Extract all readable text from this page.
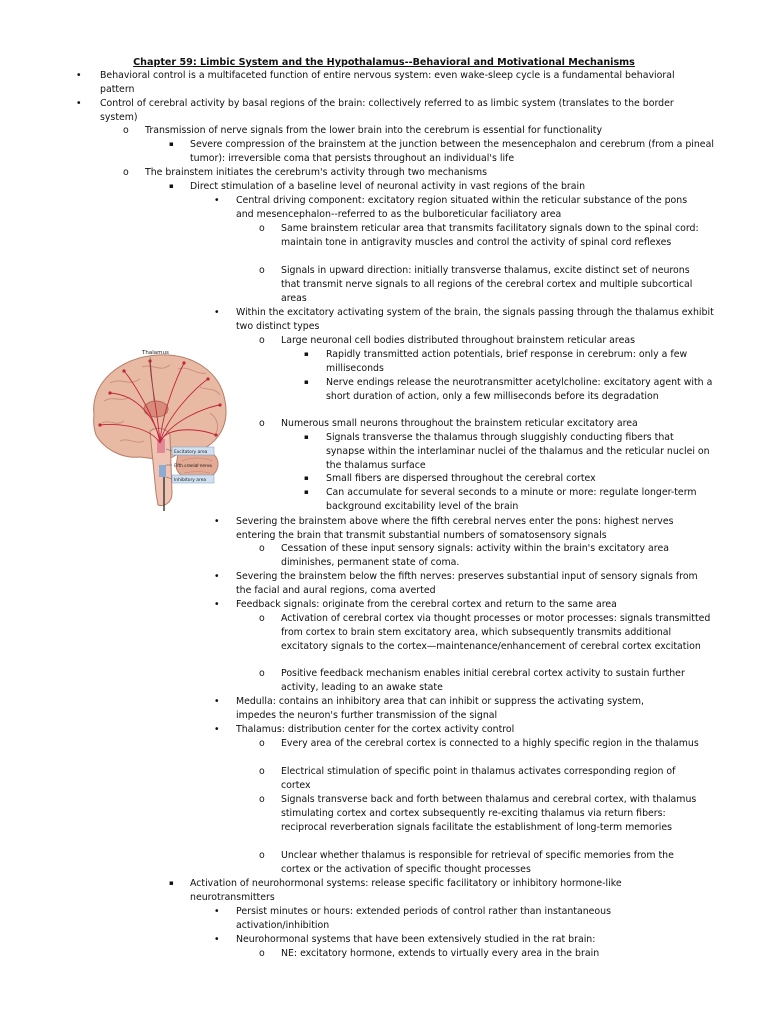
Chapter 59: Limbic System and the Hypothalamus--Behavioral and Motivational Mechanisms
Thalamus
Excitatory area
Fifth cranial nerve
Inhibitory area
• Behavioral control is a multifaceted function of entire nervous system: even wake-sleep cycle is a fundamental behavioral pattern
• Control of cerebral activity by basal regions of the brain: collectively referred to as limbic system (translates to the border system)
o Transmission of nerve signals from the lower brain into the cerebrum is essential for functionality
▪ Severe compression of the brainstem at the junction between the mesencephalon and cerebrum (from a pineal tumor): irreversible coma that persists throughout an individual's life
o The brainstem initiates the cerebrum's activity through two mechanisms
▪ Direct stimulation of a baseline level of neuronal activity in vast regions of the brain
• Central driving component: excitatory region situated within the reticular substance of the pons and mesencephalon--referred to as the bulboreticular faciliatory area
o Same brainstem reticular area that transmits facilitatory signals down to the spinal cord: maintain tone in antigravity muscles and control the activity of spinal cord reflexes
o Signals in upward direction: initially transverse thalamus, excite distinct set of neurons that transmit nerve signals to all regions of the cerebral cortex and multiple subcortical areas
• Within the excitatory activating system of the brain, the signals passing through the thalamus exhibit two distinct types
o Large neuronal cell bodies distributed throughout brainstem reticular areas
▪ Rapidly transmitted action potentials, brief response in cerebrum: only a few milliseconds
▪ Nerve endings release the neurotransmitter acetylcholine: excitatory agent with a short duration of action, only a few milliseconds before its degradation
o Numerous small neurons throughout the brainstem reticular excitatory area
▪ Signals transverse the thalamus through sluggishly conducting fibers that synapse within the interlaminar nuclei of the thalamus and the reticular nuclei on the thalamus surface
▪ Small fibers are dispersed throughout the cerebral cortex
▪ Can accumulate for several seconds to a minute or more: regulate longer-term background excitability level of the brain
• Severing the brainstem above where the fifth cerebral nerves enter the pons: highest nerves entering the brain that transmit substantial numbers of somatosensory signals
o Cessation of these input sensory signals: activity within the brain's excitatory area diminishes, permanent state of coma.
• Severing the brainstem below the fifth nerves: preserves substantial input of sensory signals from the facial and aural regions, coma averted
• Feedback signals: originate from the cerebral cortex and return to the same area
o Activation of cerebral cortex via thought processes or motor processes: signals transmitted from cortex to brain stem excitatory area, which subsequently transmits additional excitatory signals to the cortex—maintenance/enhancement of cerebral cortex excitation
o Positive feedback mechanism enables initial cerebral cortex activity to sustain further activity, leading to an awake state
• Medulla: contains an inhibitory area that can inhibit or suppress the activating system, impedes the neuron's further transmission of the signal
• Thalamus: distribution center for the cortex activity control
o Every area of the cerebral cortex is connected to a highly specific region in the thalamus
o Electrical stimulation of specific point in thalamus activates corresponding region of cortex
o Signals transverse back and forth between thalamus and cerebral cortex, with thalamus stimulating cortex and cortex subsequently re-exciting thalamus via return fibers: reciprocal reverberation signals facilitate the establishment of long-term memories
o Unclear whether thalamus is responsible for retrieval of specific memories from the cortex or the activation of specific thought processes
▪ Activation of neurohormonal systems: release specific facilitatory or inhibitory hormone-like neurotransmitters
• Persist minutes or hours: extended periods of control rather than instantaneous activation/inhibition
• Neurohormonal systems that have been extensively studied in the rat brain:
o NE: excitatory hormone, extends to virtually every area in the brain
